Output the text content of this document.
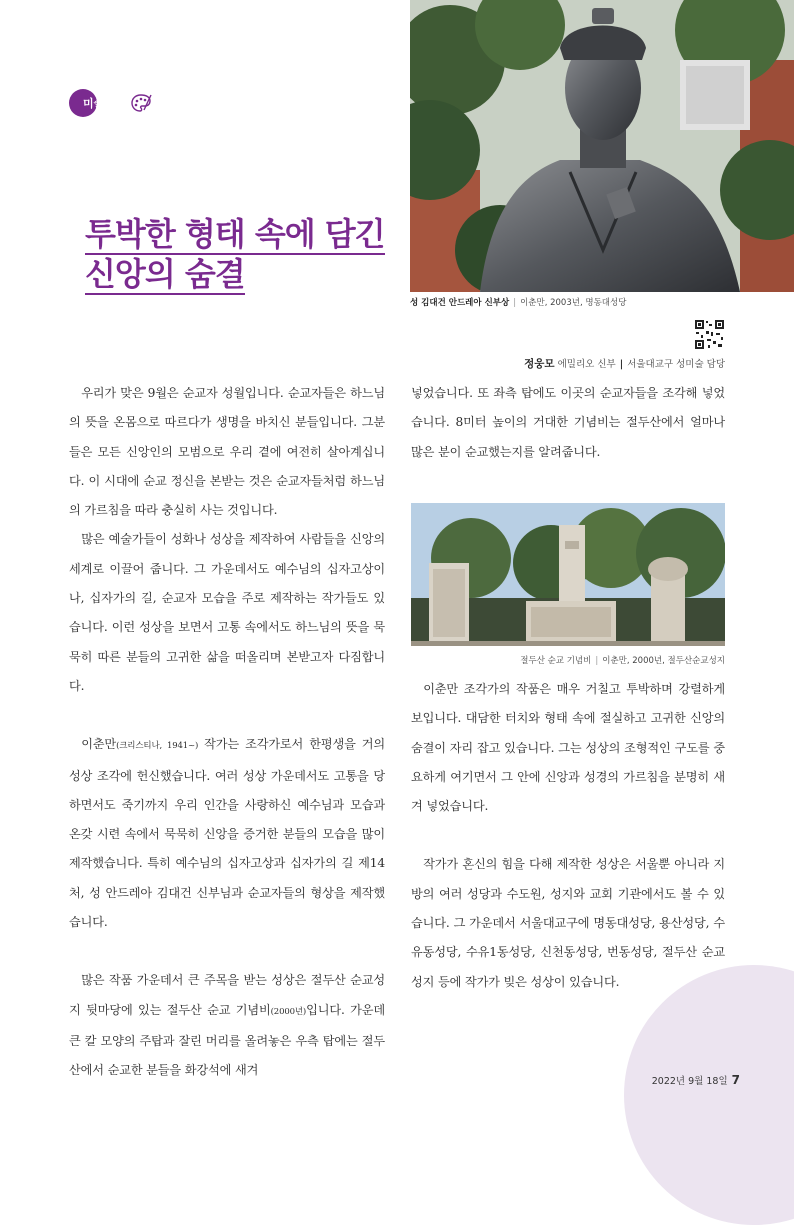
미술칼럼
투박한 형태 속에 담긴
신앙의 숨결
성 김대건 안드레아 신부상 | 이춘만, 2003년, 명동대성당
정웅모 에밀리오 신부 | 서울대교구 성미술 담당

우리가 맞은 9월은 순교자 성월입니다. 순교자들은 하느님의 뜻을 온몸으로 따르다가 생명을 바치신 분들입니다. 그분들은 모든 신앙인의 모범으로 우리 곁에 여전히 살아계십니다. 이 시대에 순교 정신을 본받는 것은 순교자들처럼 하느님의 가르침을 따라 충실히 사는 것입니다.

많은 예술가들이 성화나 성상을 제작하여 사람들을 신앙의 세계로 이끌어 줍니다. 그 가운데서도 예수님의 십자고상이나, 십자가의 길, 순교자 모습을 주로 제작하는 작가들도 있습니다. 이런 성상을 보면서 고통 속에서도 하느님의 뜻을 묵묵히 따른 분들의 고귀한 삶을 떠올리며 본받고자 다짐합니다.

이춘만(크리스티나, 1941~) 작가는 조각가로서 한평생을 거의 성상 조각에 헌신했습니다. 여러 성상 가운데서도 고통을 당하면서도 죽기까지 우리 인간을 사랑하신 예수님과 모습과 온갖 시련 속에서 묵묵히 신앙을 증거한 분들의 모습을 많이 제작했습니다. 특히 예수님의 십자고상과 십자가의 길 제14처, 성 안드레아 김대건 신부님과 순교자들의 형상을 제작했습니다.

많은 작품 가운데서 큰 주목을 받는 성상은 절두산 순교성지 뒷마당에 있는 절두산 순교 기념비(2000년)입니다. 가운데 큰 칼 모양의 주탑과 잘린 머리를 올려놓은 우측 탑에는 절두산에서 순교한 분들을 화강석에 새겨

넣었습니다. 또 좌측 탑에도 이곳의 순교자들을 조각해 넣었습니다. 8미터 높이의 거대한 기념비는 절두산에서 얼마나 많은 분이 순교했는지를 알려줍니다.

절두산 순교 기념비 | 이춘만, 2000년, 절두산순교성지

이춘만 조각가의 작품은 매우 거칠고 투박하며 강렬하게 보입니다. 대담한 터치와 형태 속에 절실하고 고귀한 신앙의 숨결이 자리 잡고 있습니다. 그는 성상의 조형적인 구도를 중요하게 여기면서 그 안에 신앙과 성경의 가르침을 분명히 새겨 넣었습니다.

작가가 혼신의 힘을 다해 제작한 성상은 서울뿐 아니라 지방의 여러 성당과 수도원, 성지와 교회 기관에서도 볼 수 있습니다. 그 가운데서 서울대교구에 명동대성당, 용산성당, 수유동성당, 수유1동성당, 신천동성당, 번동성당, 절두산 순교성지 등에 작가가 빚은 성상이 있습니다.

2022년 9월 18일 7
